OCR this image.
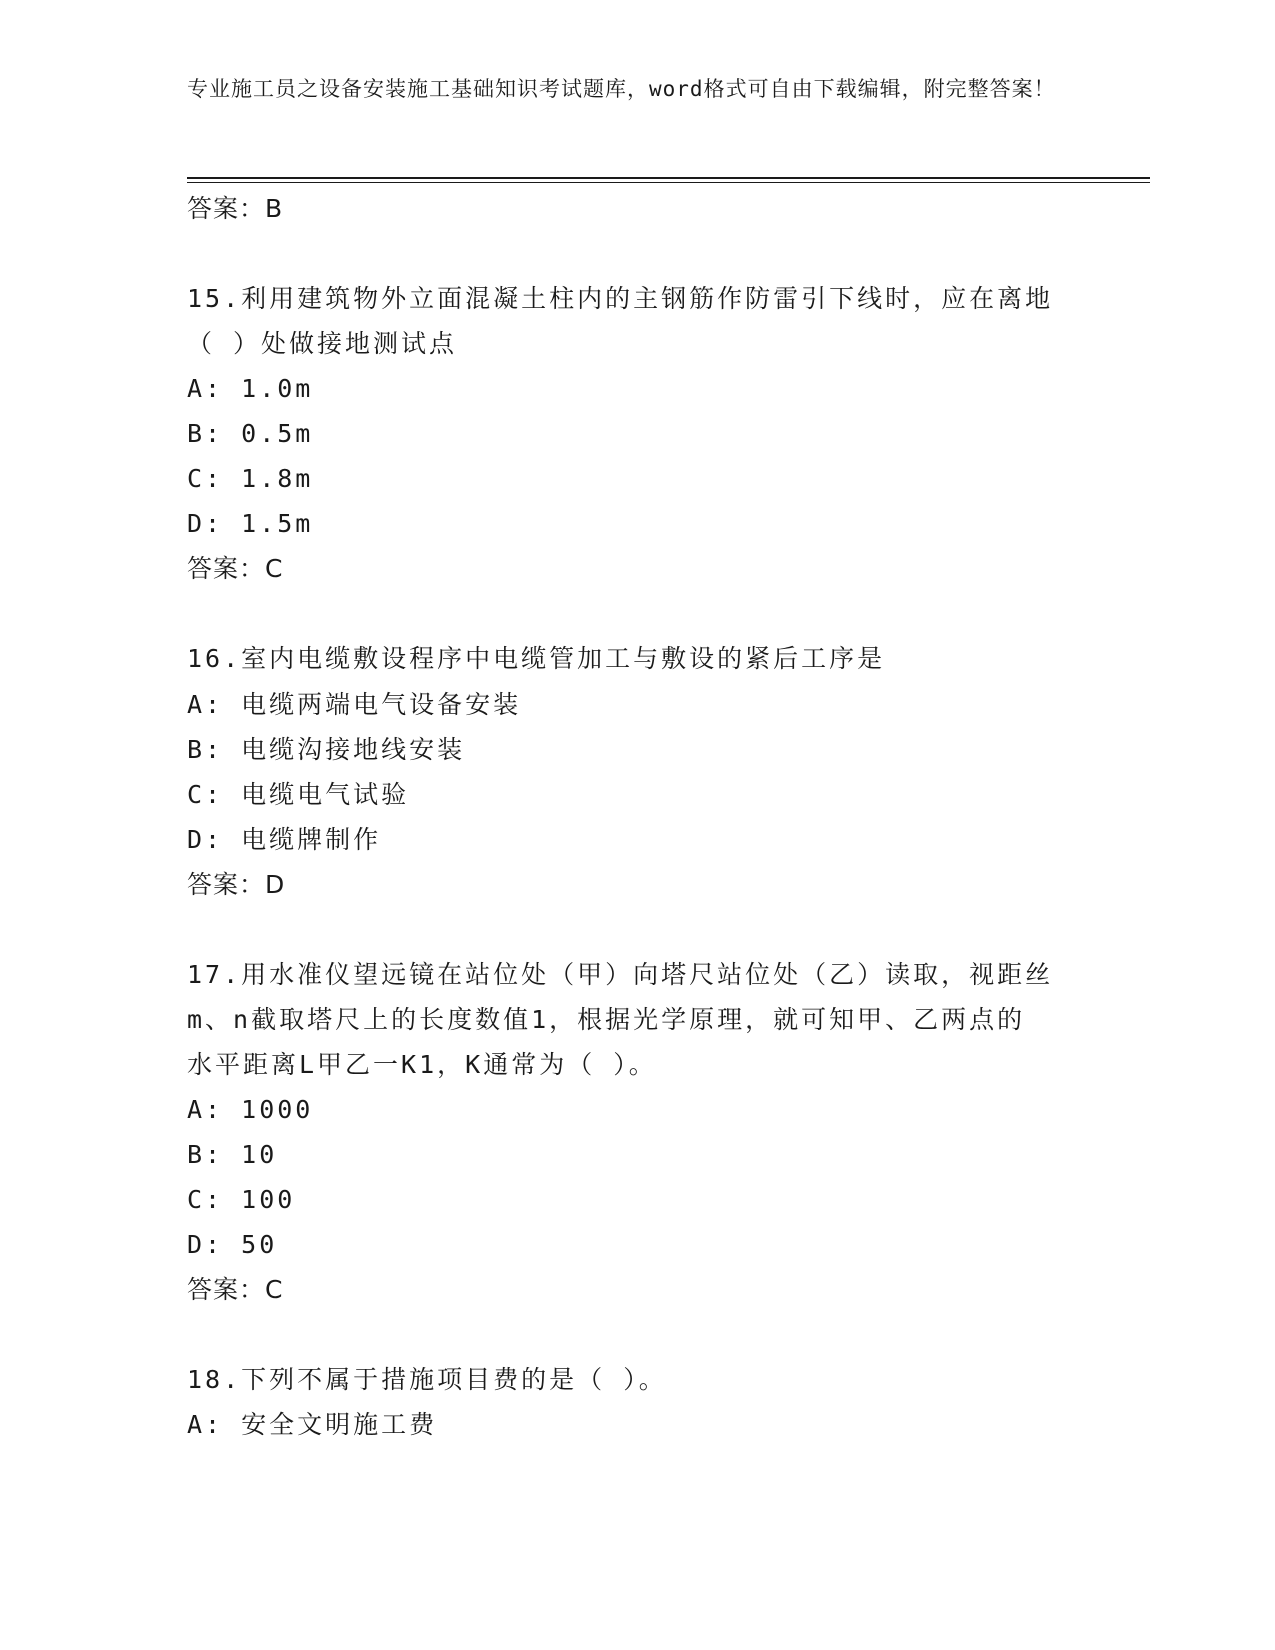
专业施工员之设备安装施工基础知识考试题库，word格式可自由下载编辑，附完整答案！
答案：B
15.利用建筑物外立面混凝土柱内的主钢筋作防雷引下线时，应在离地
（ ）处做接地测试点
A: 1.0m
B: 0.5m
C: 1.8m
D: 1.5m
答案：C
16.室内电缆敷设程序中电缆管加工与敷设的紧后工序是
A: 电缆两端电气设备安装
B: 电缆沟接地线安装
C: 电缆电气试验
D: 电缆牌制作
答案：D
17.用水准仪望远镜在站位处（甲）向塔尺站位处（乙）读取，视距丝
m、n截取塔尺上的长度数值1，根据光学原理，就可知甲、乙两点的
水平距离L甲乙一K1，K通常为（ ）。
A: 1000
B: 10
C: 100
D: 50
答案：C
18.下列不属于措施项目费的是（ ）。
A: 安全文明施工费
